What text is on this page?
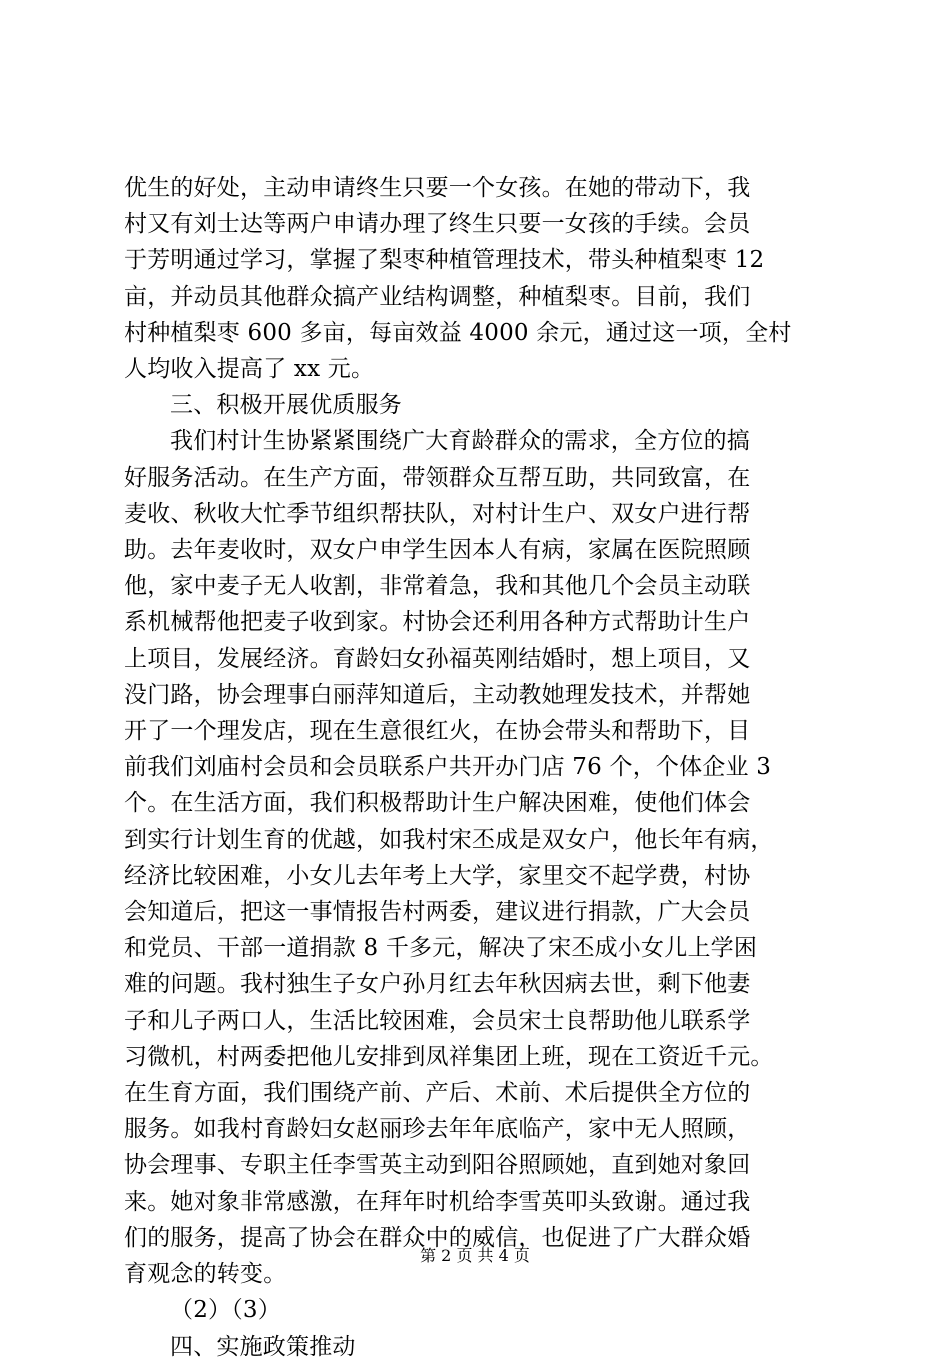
优生的好处，主动申请终生只要一个女孩。在她的带动下，我
村又有刘士达等两户申请办理了终生只要一女孩的手续。会员
于芳明通过学习，掌握了梨枣种植管理技术，带头种植梨枣 12
亩，并动员其他群众搞产业结构调整，种植梨枣。目前，我们
村种植梨枣 600 多亩，每亩效益 4000 余元，通过这一项，全村
人均收入提高了 xx 元。

三、积极开展优质服务

我们村计生协紧紧围绕广大育龄群众的需求，全方位的搞
好服务活动。在生产方面，带领群众互帮互助，共同致富，在
麦收、秋收大忙季节组织帮扶队，对村计生户、双女户进行帮
助。去年麦收时，双女户申学生因本人有病，家属在医院照顾
他，家中麦子无人收割，非常着急，我和其他几个会员主动联
系机械帮他把麦子收到家。村协会还利用各种方式帮助计生户
上项目，发展经济。育龄妇女孙福英刚结婚时，想上项目，又
没门路，协会理事白丽萍知道后，主动教她理发技术，并帮她
开了一个理发店，现在生意很红火，在协会带头和帮助下，目
前我们刘庙村会员和会员联系户共开办门店 76 个，个体企业 3
个。在生活方面，我们积极帮助计生户解决困难，使他们体会
到实行计划生育的优越，如我村宋丕成是双女户，他长年有病，
经济比较困难，小女儿去年考上大学，家里交不起学费，村协
会知道后，把这一事情报告村两委，建议进行捐款，广大会员
和党员、干部一道捐款 8 千多元，解决了宋丕成小女儿上学困
难的问题。我村独生子女户孙月红去年秋因病去世，剩下他妻
子和儿子两口人，生活比较困难，会员宋士良帮助他儿联系学
习微机，村两委把他儿安排到凤祥集团上班，现在工资近千元。
在生育方面，我们围绕产前、产后、术前、术后提供全方位的
服务。如我村育龄妇女赵丽珍去年年底临产，家中无人照顾，
协会理事、专职主任李雪英主动到阳谷照顾她，直到她对象回
来。她对象非常感激，在拜年时机给李雪英叩头致谢。通过我
们的服务，提高了协会在群众中的威信，也促进了广大群众婚
育观念的转变。

（2）（3）

四、实施政策推动

第 2 页 共 4 页
